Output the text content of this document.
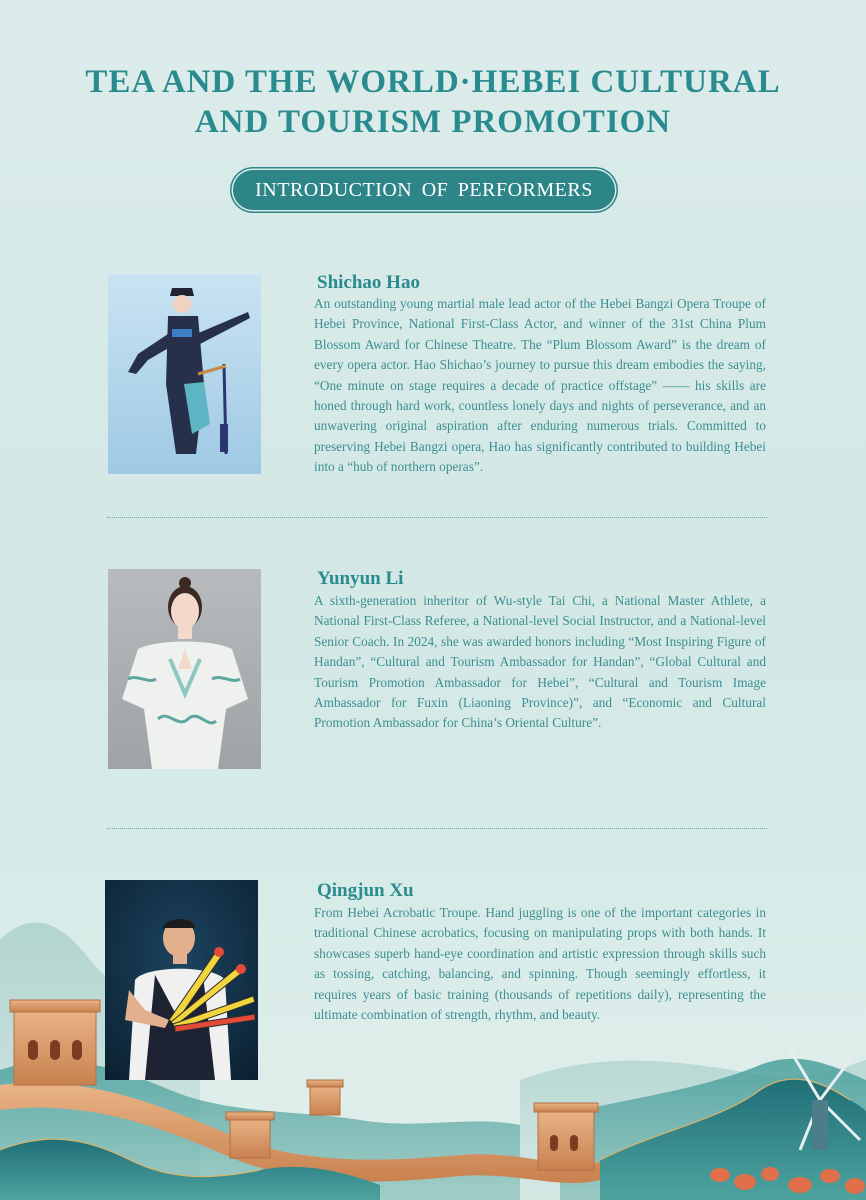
TEA AND THE WORLD·HEBEI CULTURAL
AND TOURISM PROMOTION
INTRODUCTION OF PERFORMERS
Shichao Hao

An outstanding young martial male lead actor of the Hebei Bangzi Opera Troupe of Hebei Province, National First-Class Actor, and winner of the 31st China Plum Blossom Award for Chinese Theatre. The “Plum Blossom Award” is the dream of every opera actor. Hao Shichao’s journey to pursue this dream embodies the saying, “One minute on stage requires a decade of practice offstage” —— his skills are honed through hard work, countless lonely days and nights of perseverance, and an unwavering original aspiration after enduring numerous trials. Committed to preserving Hebei Bangzi opera, Hao has significantly contributed to building Hebei into a “hub of northern operas”.

Yunyun Li

A sixth-generation inheritor of Wu-style Tai Chi, a National Master Athlete, a National First-Class Referee, a National-level Social Instructor, and a National-level Senior Coach. In 2024, she was awarded honors including “Most Inspiring Figure of Handan”, “Cultural and Tourism Ambassador for Handan”, “Global Cultural and Tourism Promotion Ambassador for Hebei”, “Cultural and Tourism Image Ambassador for Fuxin (Liaoning Province)”, and “Economic and Cultural Promotion Ambassador for China’s Oriental Culture”.

Qingjun Xu

From Hebei Acrobatic Troupe. Hand juggling is one of the important categories in traditional Chinese acrobatics, focusing on manipulating props with both hands. It showcases superb hand-eye coordination and artistic expression through skills such as tossing, catching, balancing, and spinning. Though seemingly effortless, it requires years of basic training (thousands of repetitions daily), representing the ultimate combination of strength, rhythm, and beauty.
